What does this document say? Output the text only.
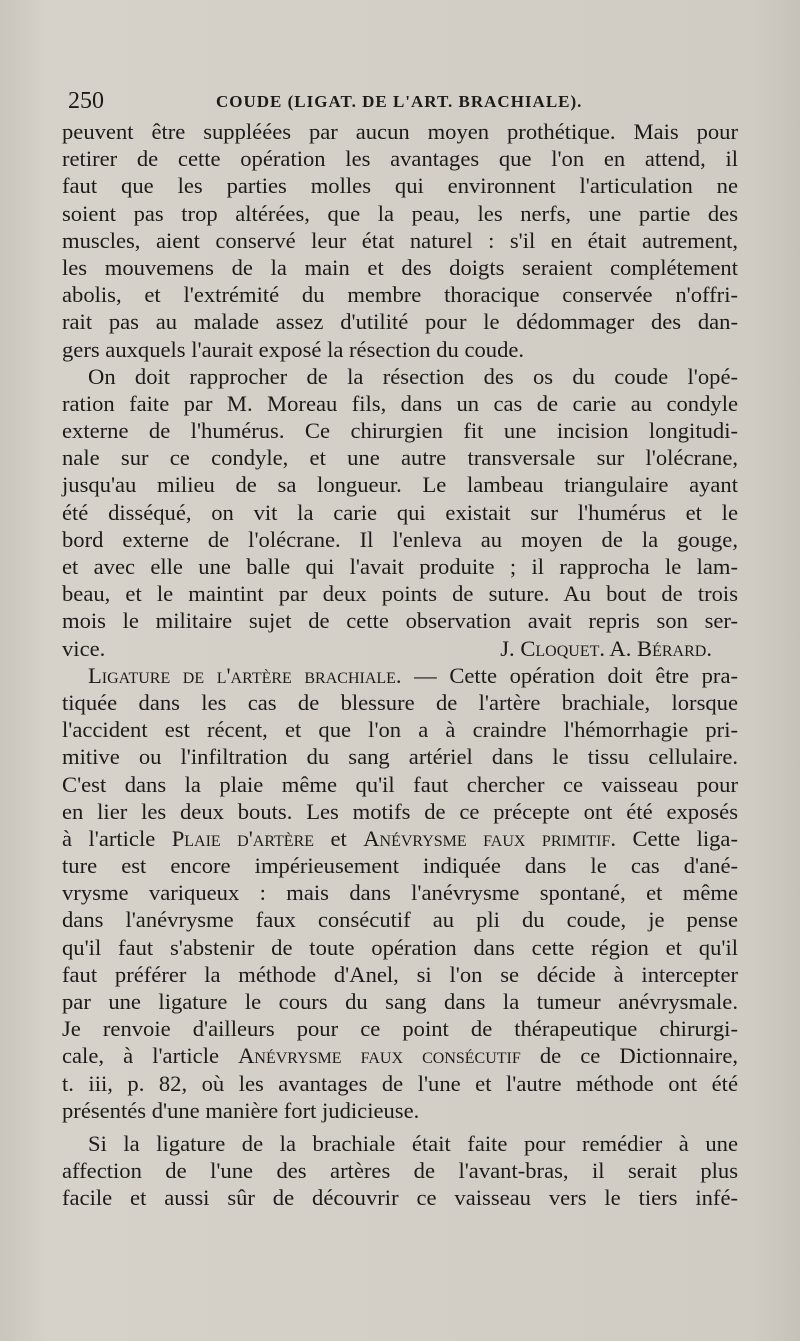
250	COUDE (LIGAT. DE L'ART. BRACHIALE).
peuvent être suppléées par aucun moyen prothétique. Mais pour
retirer de cette opération les avantages que l'on en attend, il
faut que les parties molles qui environnent l'articulation ne
soient pas trop altérées, que la peau, les nerfs, une partie des
muscles, aient conservé leur état naturel : s'il en était autrement,
les mouvemens de la main et des doigts seraient complétement
abolis, et l'extrémité du membre thoracique conservée n'offri-
rait pas au malade assez d'utilité pour le dédommager des dan-
gers auxquels l'aurait exposé la résection du coude.
On doit rapprocher de la résection des os du coude l'opé-
ration faite par M. Moreau fils, dans un cas de carie au condyle
externe de l'humérus. Ce chirurgien fit une incision longitudi-
nale sur ce condyle, et une autre transversale sur l'olécrane,
jusqu'au milieu de sa longueur. Le lambeau triangulaire ayant
été disséqué, on vit la carie qui existait sur l'humérus et le
bord externe de l'olécrane. Il l'enleva au moyen de la gouge,
et avec elle une balle qui l'avait produite ; il rapprocha le lam-
beau, et le maintint par deux points de suture. Au bout de trois
mois le militaire sujet de cette observation avait repris son ser-
vice.	J. Cloquet. A. Bérard.
Ligature de l'artère brachiale. — Cette opération doit être pra-
tiquée dans les cas de blessure de l'artère brachiale, lorsque
l'accident est récent, et que l'on a à craindre l'hémorrhagie pri-
mitive ou l'infiltration du sang artériel dans le tissu cellulaire.
C'est dans la plaie même qu'il faut chercher ce vaisseau pour
en lier les deux bouts. Les motifs de ce précepte ont été exposés
à l'article Plaie d'artère et Anévrysme faux primitif. Cette liga-
ture est encore impérieusement indiquée dans le cas d'ané-
vrysme variqueux : mais dans l'anévrysme spontané, et même
dans l'anévrysme faux consécutif au pli du coude, je pense
qu'il faut s'abstenir de toute opération dans cette région et qu'il
faut préférer la méthode d'Anel, si l'on se décide à intercepter
par une ligature le cours du sang dans la tumeur anévrysmale.
Je renvoie d'ailleurs pour ce point de thérapeutique chirurgi-
cale, à l'article Anévrysme faux consécutif de ce Dictionnaire,
t. iii, p. 82, où les avantages de l'une et l'autre méthode ont été
présentés d'une manière fort judicieuse.
Si la ligature de la brachiale était faite pour remédier à une
affection de l'une des artères de l'avant-bras, il serait plus
facile et aussi sûr de découvrir ce vaisseau vers le tiers infé-
